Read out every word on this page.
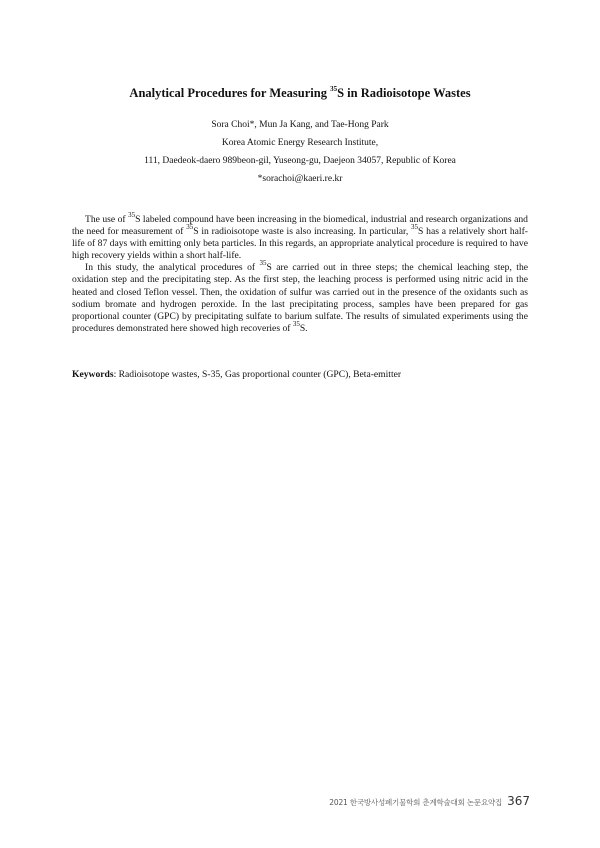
Analytical Procedures for Measuring $^{35}$S in Radioisotope Wastes
Sora Choi*, Mun Ja Kang, and Tae-Hong Park
Korea Atomic Energy Research Institute,
111, Daedeok-daero 989beon-gil, Yuseong-gu, Daejeon 34057, Republic of Korea
*sorachoi@kaeri.re.kr

The use of $^{35}$S labeled compound have been increasing in the biomedical, industrial and research organizations and the need for measurement of $^{35}$S in radioisotope waste is also increasing. In particular, $^{35}$S has a relatively short half-life of 87 days with emitting only beta particles. In this regards, an appropriate analytical procedure is required to have high recovery yields within a short half-life.

In this study, the analytical procedures of $^{35}$S are carried out in three steps; the chemical leaching step, the oxidation step and the precipitating step. As the first step, the leaching process is performed using nitric acid in the heated and closed Teflon vessel. Then, the oxidation of sulfur was carried out in the presence of the oxidants such as sodium bromate and hydrogen peroxide. In the last precipitating process, samples have been prepared for gas proportional counter (GPC) by precipitating sulfate to barium sulfate. The results of simulated experiments using the procedures demonstrated here showed high recoveries of $^{35}$S.

Keywords: Radioisotope wastes, S-35, Gas proportional counter (GPC), Beta-emitter
2021 한국방사성폐기물학회 춘계학술대회 논문요약집 367
